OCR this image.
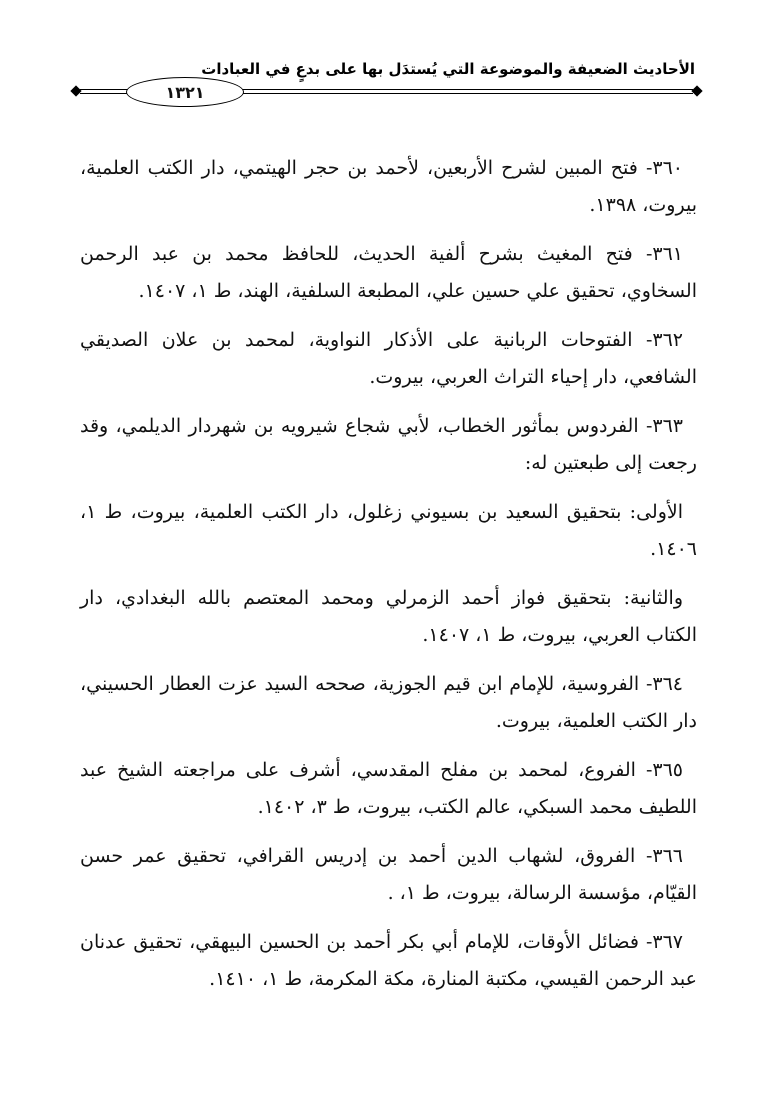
الأحاديث الضعيفة والموضوعة التي يُستدَل بها على بدعٍ في العبادات
١٣٢١

٣٦٠- فتح المبين لشرح الأربعين، لأحمد بن حجر الهيتمي، دار الكتب العلمية، بيروت، ١٣٩٨.

٣٦١- فتح المغيث بشرح ألفية الحديث، للحافظ محمد بن عبد الرحمن السخاوي، تحقيق علي حسين علي، المطبعة السلفية، الهند، ط ١، ١٤٠٧.

٣٦٢- الفتوحات الربانية على الأذكار النواوية، لمحمد بن علان الصديقي الشافعي، دار إحياء التراث العربي، بيروت.

٣٦٣- الفردوس بمأثور الخطاب، لأبي شجاع شيرويه بن شهردار الديلمي، وقد رجعت إلى طبعتين له:

الأولى: بتحقيق السعيد بن بسيوني زغلول، دار الكتب العلمية، بيروت، ط ١، ١٤٠٦.

والثانية: بتحقيق فواز أحمد الزمرلي ومحمد المعتصم بالله البغدادي، دار الكتاب العربي، بيروت، ط ١، ١٤٠٧.

٣٦٤- الفروسية، للإمام ابن قيم الجوزية، صححه السيد عزت العطار الحسيني، دار الكتب العلمية، بيروت.

٣٦٥- الفروع، لمحمد بن مفلح المقدسي، أشرف على مراجعته الشيخ عبد اللطيف محمد السبكي، عالم الكتب، بيروت، ط ٣، ١٤٠٢.

٣٦٦- الفروق، لشهاب الدين أحمد بن إدريس القرافي، تحقيق عمر حسن القيّام، مؤسسة الرسالة، بيروت، ط ١، .

٣٦٧- فضائل الأوقات، للإمام أبي بكر أحمد بن الحسين البيهقي، تحقيق عدنان عبد الرحمن القيسي، مكتبة المنارة، مكة المكرمة، ط ١، ١٤١٠.
